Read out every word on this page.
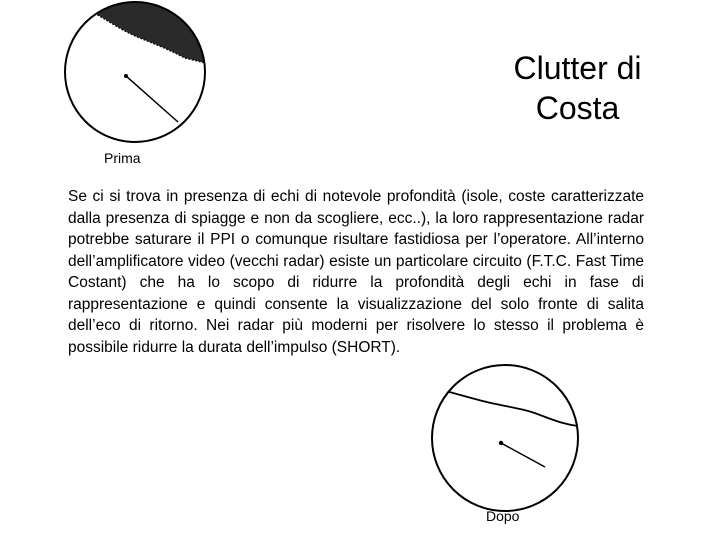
Clutter di Costa

Se ci si trova in presenza di echi di notevole profondità (isole, coste caratterizzate dalla presenza di spiagge e non da scogliere, ecc..), la loro rappresentazione radar potrebbe saturare il PPI o comunque risultare fastidiosa per l’operatore. All’interno dell’amplificatore video (vecchi radar) esiste un particolare circuito (F.T.C. Fast Time Costant) che ha lo scopo di ridurre la profondità degli echi in fase di rappresentazione e quindi consente la visualizzazione del solo fronte di salita dell’eco di ritorno. Nei radar più moderni per risolvere lo stesso il problema è possibile ridurre la durata dell’impulso (SHORT).

Prima
Dopo
